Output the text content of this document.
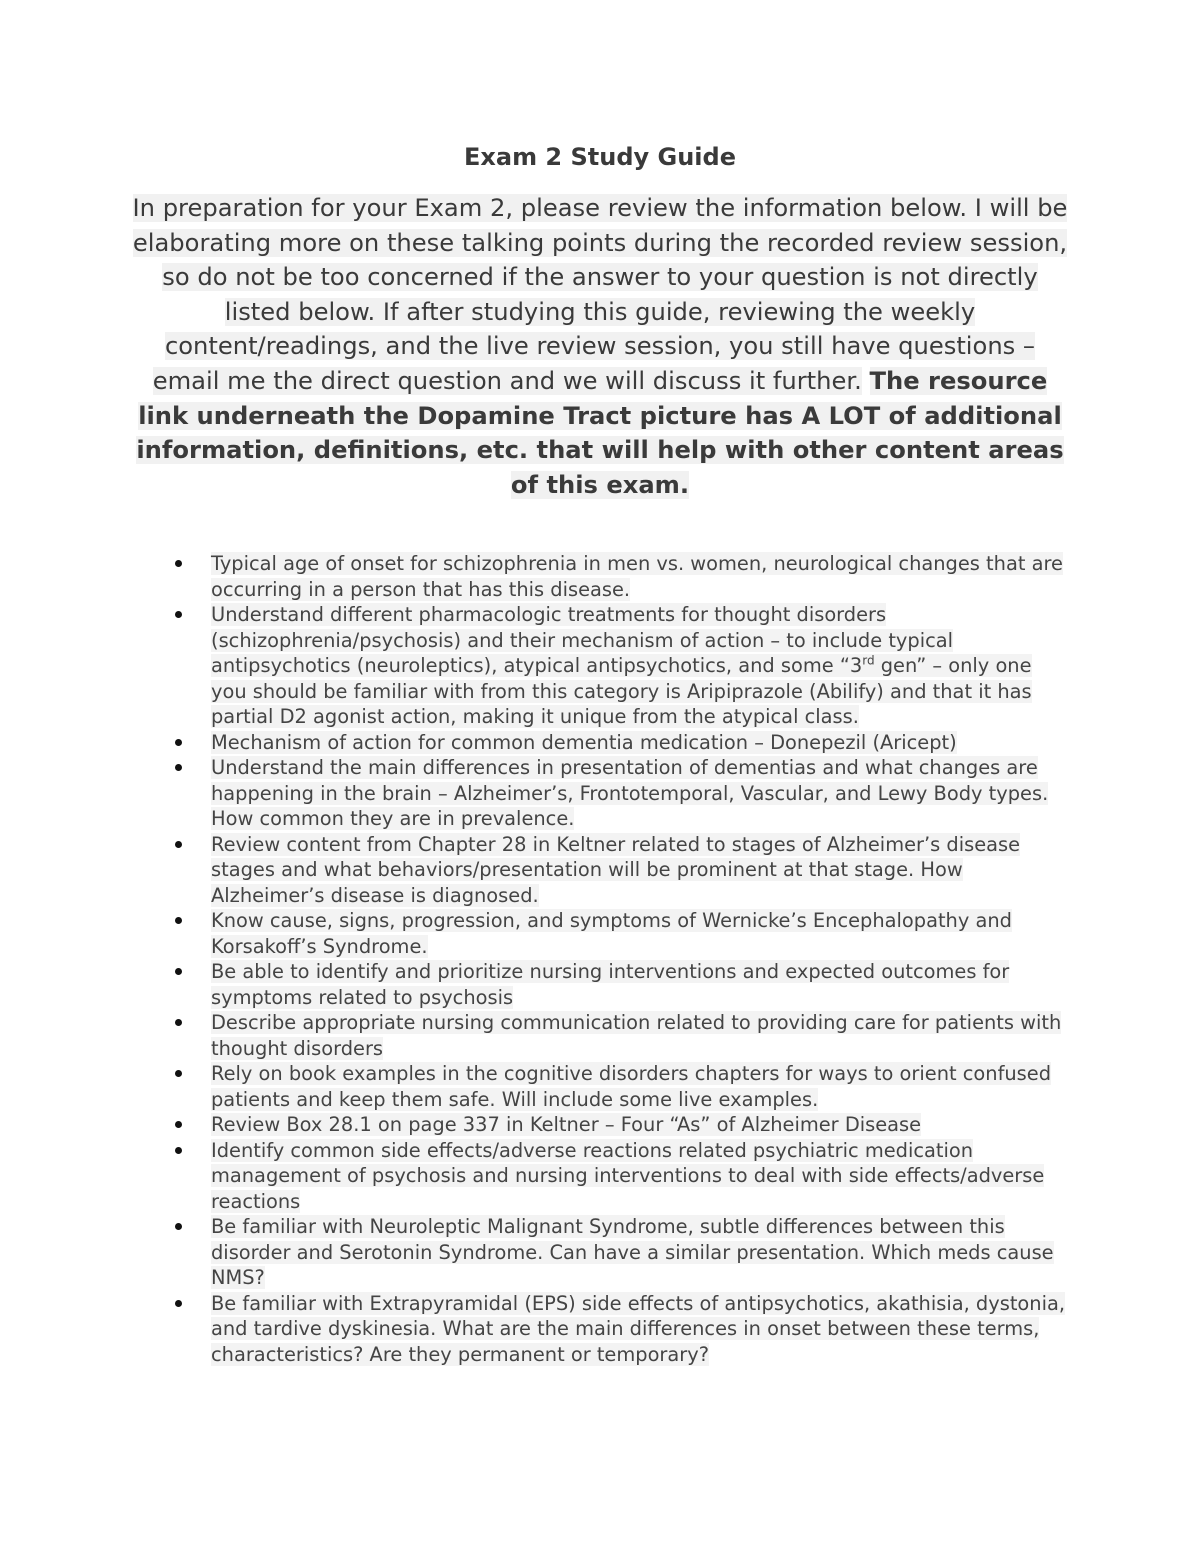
Exam 2 Study Guide

In preparation for your Exam 2, please review the information below. I will be elaborating more on these talking points during the recorded review session, so do not be too concerned if the answer to your question is not directly listed below. If after studying this guide, reviewing the weekly content/readings, and the live review session, you still have questions – email me the direct question and we will discuss it further. The resource link underneath the Dopamine Tract picture has A LOT of additional information, definitions, etc. that will help with other content areas of this exam.

Typical age of onset for schizophrenia in men vs. women, neurological changes that are occurring in a person that has this disease.
Understand different pharmacologic treatments for thought disorders (schizophrenia/psychosis) and their mechanism of action – to include typical antipsychotics (neuroleptics), atypical antipsychotics, and some “3rd gen” – only one you should be familiar with from this category is Aripiprazole (Abilify) and that it has partial D2 agonist action, making it unique from the atypical class.
Mechanism of action for common dementia medication – Donepezil (Aricept)
Understand the main differences in presentation of dementias and what changes are happening in the brain – Alzheimer’s, Frontotemporal, Vascular, and Lewy Body types. How common they are in prevalence.
Review content from Chapter 28 in Keltner related to stages of Alzheimer’s disease stages and what behaviors/presentation will be prominent at that stage. How Alzheimer’s disease is diagnosed.
Know cause, signs, progression, and symptoms of Wernicke’s Encephalopathy and Korsakoff’s Syndrome.
Be able to identify and prioritize nursing interventions and expected outcomes for symptoms related to psychosis
Describe appropriate nursing communication related to providing care for patients with thought disorders
Rely on book examples in the cognitive disorders chapters for ways to orient confused patients and keep them safe. Will include some live examples.
Review Box 28.1 on page 337 in Keltner – Four “As” of Alzheimer Disease
Identify common side effects/adverse reactions related psychiatric medication management of psychosis and nursing interventions to deal with side effects/adverse reactions
Be familiar with Neuroleptic Malignant Syndrome, subtle differences between this disorder and Serotonin Syndrome. Can have a similar presentation. Which meds cause NMS?
Be familiar with Extrapyramidal (EPS) side effects of antipsychotics, akathisia, dystonia, and tardive dyskinesia. What are the main differences in onset between these terms, characteristics? Are they permanent or temporary?
